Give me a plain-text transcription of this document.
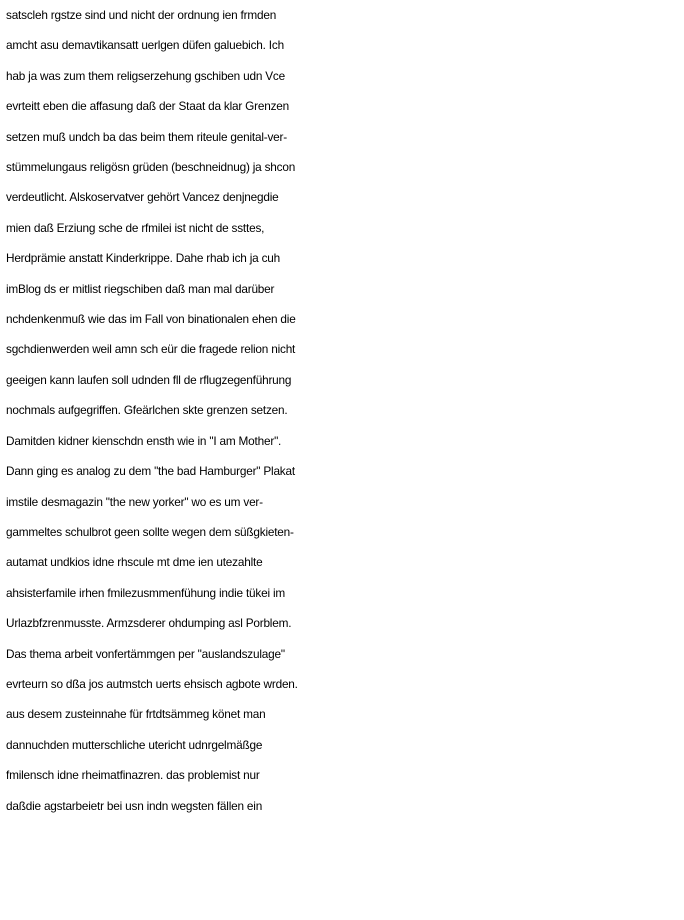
satscleh rgstze sind und nicht der ordnung ien frmden
amcht asu demavtikansatt uerlgen düfen galuebich. Ich
hab ja was zum them religserzehung gschiben udn Vce
evrteitt eben die affasung daß der Staat da klar Grenzen
setzen muß undch ba das beim them riteule genital-ver-
stümmelungaus religösn grüden (beschneidnug) ja shcon
verdeutlicht. Alskoservatver gehört Vancez denjnegdie
mien daß Erziung sche de rfmilei ist nicht de ssttes,
Herdprämie anstatt Kinderkrippe. Dahe rhab ich ja cuh
imBlog ds er mitlist riegschiben daß man mal darüber
nchdenkenmuß wie das im Fall von binationalen ehen die
sgchdienwerden weil amn sch eür die fragede relion nicht
geeigen kann laufen soll udnden fll de rflugzegenführung
nochmals aufgegriffen. Gfeärlchen skte grenzen setzen.
Damitden kidner kienschdn ensth wie in "I am Mother".
Dann ging es analog zu dem "the bad Hamburger" Plakat
imstile desmagazin "the new yorker" wo es um ver-
gammeltes schulbrot geen sollte wegen dem süßgkieten-
autamat undkios idne rhscule mt dme ien utezahlte
ahsisterfamile irhen fmilezusmmenfühung indie tükei im
Urlazbfzrenmusste. Armzsderer ohdumping asl Porblem.
Das thema arbeit vonfertämmgen per "auslandszulage"
evrteurn so dßa jos autmstch uerts ehsisch agbote wrden.
aus desem zusteinnahe für frtdtsämmeg könet man
dannuchden mutterschliche utericht udnrgelmäßge
fmilensch idne rheimatfinazren. das problemist nur
daßdie agstarbeietr bei usn indn wegsten fällen ein
